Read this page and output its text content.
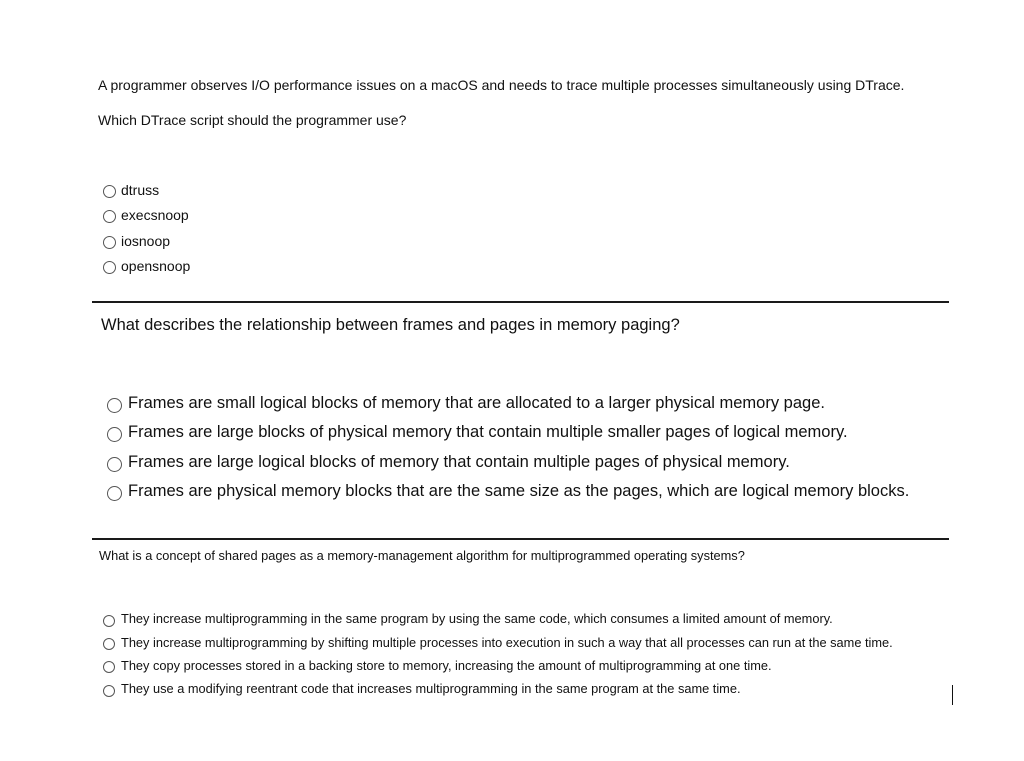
A programmer observes I/O performance issues on a macOS and needs to trace multiple processes simultaneously using DTrace.

Which DTrace script should the programmer use?

dtruss
execsnoop
iosnoop
opensnoop

What describes the relationship between frames and pages in memory paging?

Frames are small logical blocks of memory that are allocated to a larger physical memory page.
Frames are large blocks of physical memory that contain multiple smaller pages of logical memory.
Frames are large logical blocks of memory that contain multiple pages of physical memory.
Frames are physical memory blocks that are the same size as the pages, which are logical memory blocks.

What is a concept of shared pages as a memory-management algorithm for multiprogrammed operating systems?

They increase multiprogramming in the same program by using the same code, which consumes a limited amount of memory.
They increase multiprogramming by shifting multiple processes into execution in such a way that all processes can run at the same time.
They copy processes stored in a backing store to memory, increasing the amount of multiprogramming at one time.
They use a modifying reentrant code that increases multiprogramming in the same program at the same time.
